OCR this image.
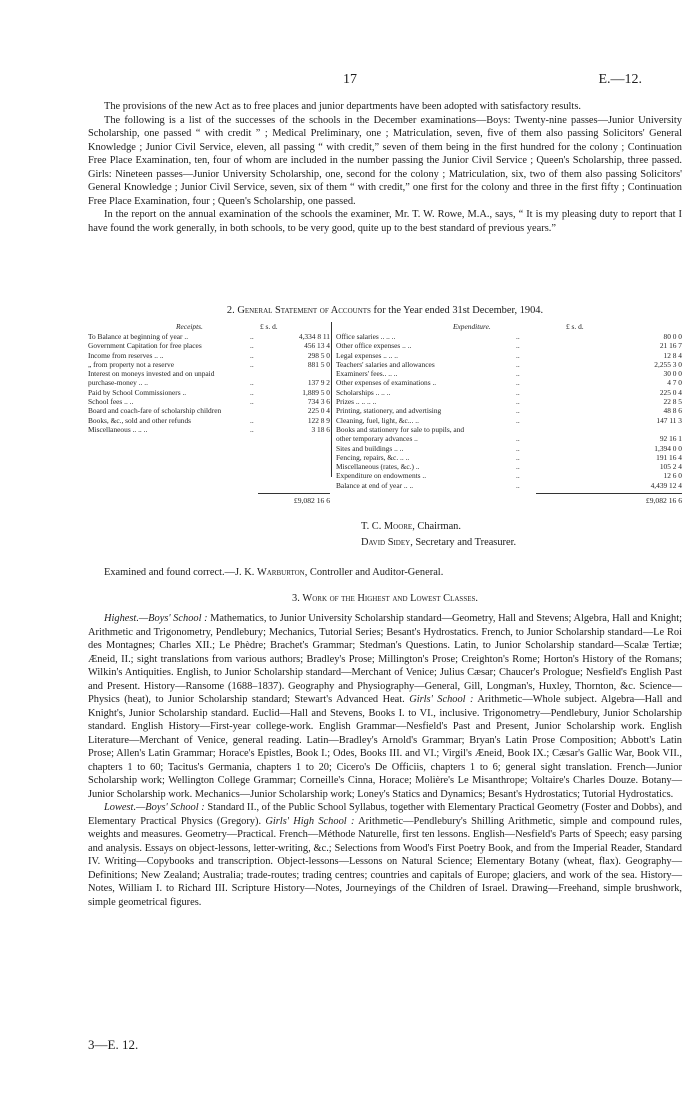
17	E.—12.

The provisions of the new Act as to free places and junior departments have been adopted with satisfactory results.

The following is a list of the successes of the schools in the December examinations—Boys: Twenty-nine passes—Junior University Scholarship, one passed “ with credit ” ; Medical Preliminary, one ; Matriculation, seven, five of them also passing Solicitors' General Knowledge ; Junior Civil Service, eleven, all passing “ with credit,” seven of them being in the first hundred for the colony ; Continuation Free Place Examination, ten, four of whom are included in the number passing the Junior Civil Service ; Queen's Scholarship, three passed. Girls: Nineteen passes—Junior University Scholarship, one, second for the colony ; Matriculation, six, two of them also passing Solicitors' General Knowledge ; Junior Civil Service, seven, six of them “ with credit,” one first for the colony and three in the first fifty ; Continuation Free Place Examination, four ; Queen's Scholarship, one passed.

In the report on the annual examination of the schools the examiner, Mr. T. W. Rowe, M.A., says, “ It is my pleasing duty to report that I have found the work generally, in both schools, to be very good, quite up to the best standard of previous years.”

2. General Statement of Accounts for the Year ended 31st December, 1904.
Receipts.	£ s. d.	Expenditure.	£ s. d.
To Balance at beginning of year ..	..	4,334 8 11
Government Capitation for free places	..	456 13 4
Income from reserves .. ..	..	298 5 0
„ from property not a reserve	..	881 5 0
Interest on moneys invested and on unpaid
purchase-money .. ..	..	137 9 2
Paid by School Commissioners ..	..	1,889 5 0
School fees .. ..	..	734 3 6
Board and coach-fare of scholarship children	225 0 4
Books, &c., sold and other refunds	..	122 8 9
Miscellaneous .. .. ..	..	3 18 6
Office salaries .. .. ..	..	80 0 0
Other office expenses .. ..	..	21 16 7
Legal expenses .. .. ..	..	12 8 4
Teachers' salaries and allowances	..	2,255 3 0
Examiners' fees.. .. ..	..	30 0 0
Other expenses of examinations ..	..	4 7 0
Scholarships .. .. ..	..	225 0 4
Prizes .. .. .. ..	..	22 8 5
Printing, stationery, and advertising	..	48 8 6
Cleaning, fuel, light, &c... ..	..	147 11 3
Books and stationery for sale to pupils, and
other temporary advances ..	..	92 16 1
Sites and buildings .. ..	..	1,394 0 0
Fencing, repairs, &c. .. ..	..	191 16 4
Miscellaneous (rates, &c.) ..	..	105 2 4
Expenditure on endowments ..	..	12 6 0
Balance at end of year .. ..	..	4,439 12 4
£9,082 16 6	£9,082 16 6
T. C. Moore, Chairman.
David Sidey, Secretary and Treasurer.
Examined and found correct.—J. K. Warburton, Controller and Auditor-General.
3. Work of the Highest and Lowest Classes.

Highest.—Boys' School : Mathematics, to Junior University Scholarship standard—Geometry, Hall and Stevens; Algebra, Hall and Knight; Arithmetic and Trigonometry, Pendlebury; Mechanics, Tutorial Series; Besant's Hydrostatics. French, to Junior Scholarship standard—Le Roi des Montagnes; Charles XII.; Le Phèdre; Brachet's Grammar; Stedman's Questions. Latin, to Junior Scholarship standard—Scalæ Tertiæ; Æneid, II.; sight translations from various authors; Bradley's Prose; Millington's Prose; Creighton's Rome; Horton's History of the Romans; Wilkin's Antiquities. English, to Junior Scholarship standard—Merchant of Venice; Julius Cæsar; Chaucer's Prologue; Nesfield's English Past and Present. History—Ransome (1688–1837). Geography and Physiography—General, Gill, Longman's, Huxley, Thornton, &c. Science—Physics (heat), to Junior Scholarship standard; Stewart's Advanced Heat. Girls' School : Arithmetic—Whole subject. Algebra—Hall and Knight's, Junior Scholarship standard. Euclid—Hall and Stevens, Books I. to VI., inclusive. Trigonometry—Pendlebury, Junior Scholarship standard. English History—First-year college-work. English Grammar—Nesfield's Past and Present, Junior Scholarship work. English Literature—Merchant of Venice, general reading. Latin—Bradley's Arnold's Grammar; Bryan's Latin Prose Composition; Abbott's Latin Prose; Allen's Latin Grammar; Horace's Epistles, Book I.; Odes, Books III. and VI.; Virgil's Æneid, Book IX.; Cæsar's Gallic War, Book VII., chapters 1 to 60; Tacitus's Germania, chapters 1 to 20; Cicero's De Officiis, chapters 1 to 6; general sight translation. French—Junior Scholarship work; Wellington College Grammar; Corneille's Cinna, Horace; Molière's Le Misanthrope; Voltaire's Charles Douze. Botany—Junior Scholarship work. Mechanics—Junior Scholarship work; Loney's Statics and Dynamics; Besant's Hydrostatics; Tutorial Hydrostatics.

Lowest.—Boys' School : Standard II., of the Public School Syllabus, together with Elementary Practical Geometry (Foster and Dobbs), and Elementary Practical Physics (Gregory). Girls' High School : Arithmetic—Pendlebury's Shilling Arithmetic, simple and compound rules, weights and measures. Geometry—Practical. French—Méthode Naturelle, first ten lessons. English—Nesfield's Parts of Speech; easy parsing and analysis. Essays on object-lessons, letter-writing, &c.; Selections from Wood's First Poetry Book, and from the Imperial Reader, Standard IV. Writing—Copybooks and transcription. Object-lessons—Lessons on Natural Science; Elementary Botany (wheat, flax). Geography—Definitions; New Zealand; Australia; trade-routes; trading centres; countries and capitals of Europe; glaciers, and work of the sea. History—Notes, William I. to Richard III. Scripture History—Notes, Journeyings of the Children of Israel. Drawing—Freehand, simple brushwork, simple geometrical figures.

3—E. 12.
